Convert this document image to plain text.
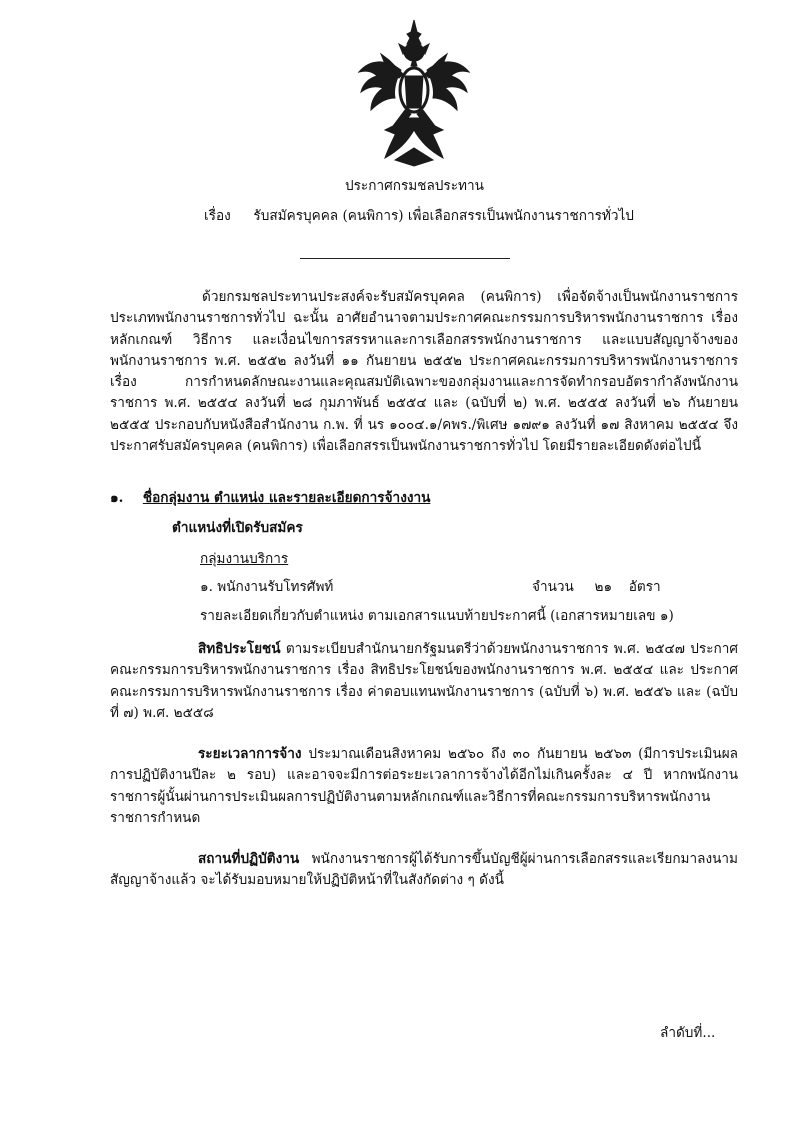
ประกาศกรมชลประทาน
เรื่อง รับสมัครบุคคล (คนพิการ) เพื่อเลือกสรรเป็นพนักงานราชการทั่วไป
ด้วยกรมชลประทานประสงค์จะรับสมัครบุคคล (คนพิการ) เพื่อจัดจ้างเป็นพนักงานราชการประเภทพนักงานราชการทั่วไป ฉะนั้น อาศัยอำนาจตามประกาศคณะกรรมการบริหารพนักงานราชการ เรื่อง หลักเกณฑ์ วิธีการ และเงื่อนไขการสรรหาและการเลือกสรรพนักงานราชการ และแบบสัญญาจ้างของพนักงานราชการ พ.ศ. ๒๕๕๒ ลงวันที่ ๑๑ กันยายน ๒๕๕๒ ประกาศคณะกรรมการบริหารพนักงานราชการ เรื่อง การกำหนดลักษณะงานและคุณสมบัติเฉพาะของกลุ่มงานและการจัดทำกรอบอัตรากำลังพนักงานราชการ พ.ศ. ๒๕๕๔ ลงวันที่ ๒๘ กุมภาพันธ์ ๒๕๕๔ และ (ฉบับที่ ๒) พ.ศ. ๒๕๕๕ ลงวันที่ ๒๖ กันยายน ๒๕๕๕ ประกอบกับหนังสือสำนักงาน ก.พ. ที่ นร ๑๐๐๔.๑/คพร./พิเศษ ๑๗๙๑ ลงวันที่ ๑๗ สิงหาคม ๒๕๕๔ จึงประกาศรับสมัครบุคคล (คนพิการ) เพื่อเลือกสรรเป็นพนักงานราชการทั่วไป โดยมีรายละเอียดดังต่อไปนี้
๑. ชื่อกลุ่มงาน ตำแหน่ง และรายละเอียดการจ้างงาน
ตำแหน่งที่เปิดรับสมัคร
กลุ่มงานบริการ
๑. พนักงานรับโทรศัพท์	จำนวน ๒๑ อัตรา
รายละเอียดเกี่ยวกับตำแหน่ง ตามเอกสารแนบท้ายประกาศนี้ (เอกสารหมายเลข ๑)
สิทธิประโยชน์ ตามระเบียบสำนักนายกรัฐมนตรีว่าด้วยพนักงานราชการ พ.ศ. ๒๕๔๗ ประกาศคณะกรรมการบริหารพนักงานราชการ เรื่อง สิทธิประโยชน์ของพนักงานราชการ พ.ศ. ๒๕๕๔ และ ประกาศคณะกรรมการบริหารพนักงานราชการ เรื่อง ค่าตอบแทนพนักงานราชการ (ฉบับที่ ๖) พ.ศ. ๒๕๕๖ และ (ฉบับที่ ๗) พ.ศ. ๒๕๕๘
ระยะเวลาการจ้าง ประมาณเดือนสิงหาคม ๒๕๖๐ ถึง ๓๐ กันยายน ๒๕๖๓ (มีการประเมินผลการปฏิบัติงานปีละ ๒ รอบ) และอาจจะมีการต่อระยะเวลาการจ้างได้อีกไม่เกินครั้งละ ๔ ปี หากพนักงานราชการผู้นั้นผ่านการประเมินผลการปฏิบัติงานตามหลักเกณฑ์และวิธีการที่คณะกรรมการบริหารพนักงานราชการกำหนด
สถานที่ปฏิบัติงาน พนักงานราชการผู้ได้รับการขึ้นบัญชีผู้ผ่านการเลือกสรรและเรียกมาลงนามสัญญาจ้างแล้ว จะได้รับมอบหมายให้ปฏิบัติหน้าที่ในสังกัดต่าง ๆ ดังนี้
ลำดับที่...
